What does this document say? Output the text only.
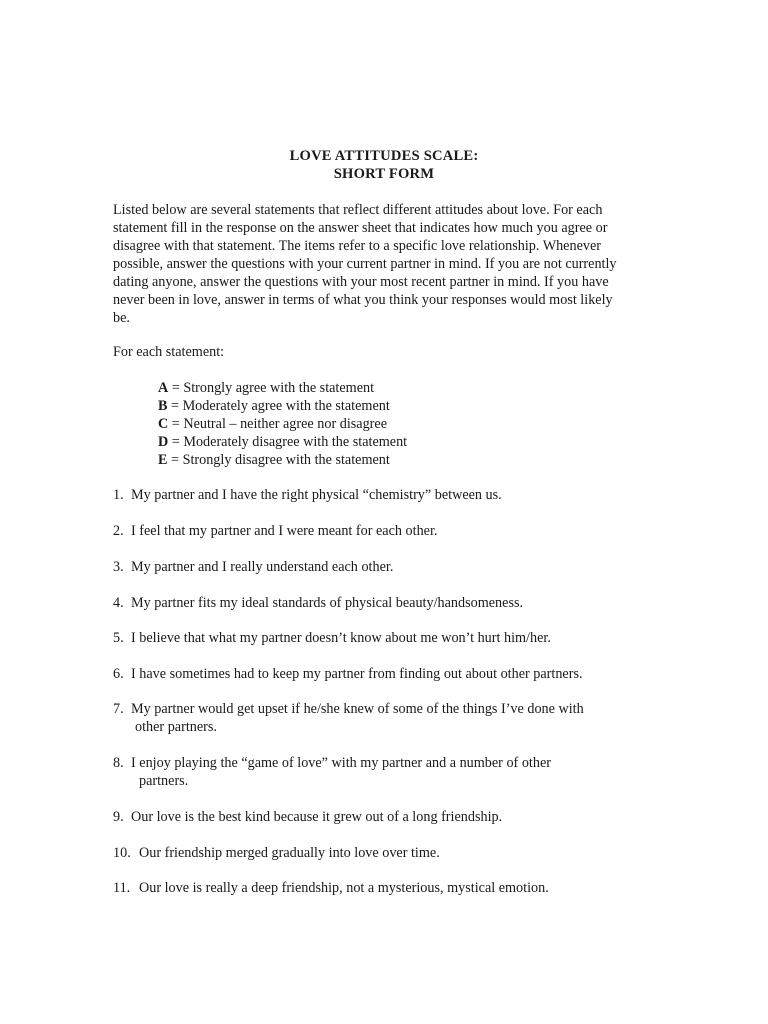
LOVE ATTITUDES SCALE:
SHORT FORM
Listed below are several statements that reflect different attitudes about love. For each
statement fill in the response on the answer sheet that indicates how much you agree or
disagree with that statement. The items refer to a specific love relationship. Whenever
possible, answer the questions with your current partner in mind. If you are not currently
dating anyone, answer the questions with your most recent partner in mind. If you have
never been in love, answer in terms of what you think your responses would most likely
be.
For each statement:
A = Strongly agree with the statement
B = Moderately agree with the statement
C = Neutral – neither agree nor disagree
D = Moderately disagree with the statement
E = Strongly disagree with the statement
1. My partner and I have the right physical “chemistry” between us.
2. I feel that my partner and I were meant for each other.
3. My partner and I really understand each other.
4. My partner fits my ideal standards of physical beauty/handsomeness.
5. I believe that what my partner doesn’t know about me won’t hurt him/her.
6. I have sometimes had to keep my partner from finding out about other partners.
7. My partner would get upset if he/she knew of some of the things I’ve done with
other partners.
8. I enjoy playing the “game of love” with my partner and a number of other
partners.
9. Our love is the best kind because it grew out of a long friendship.
10. Our friendship merged gradually into love over time.
11. Our love is really a deep friendship, not a mysterious, mystical emotion.
